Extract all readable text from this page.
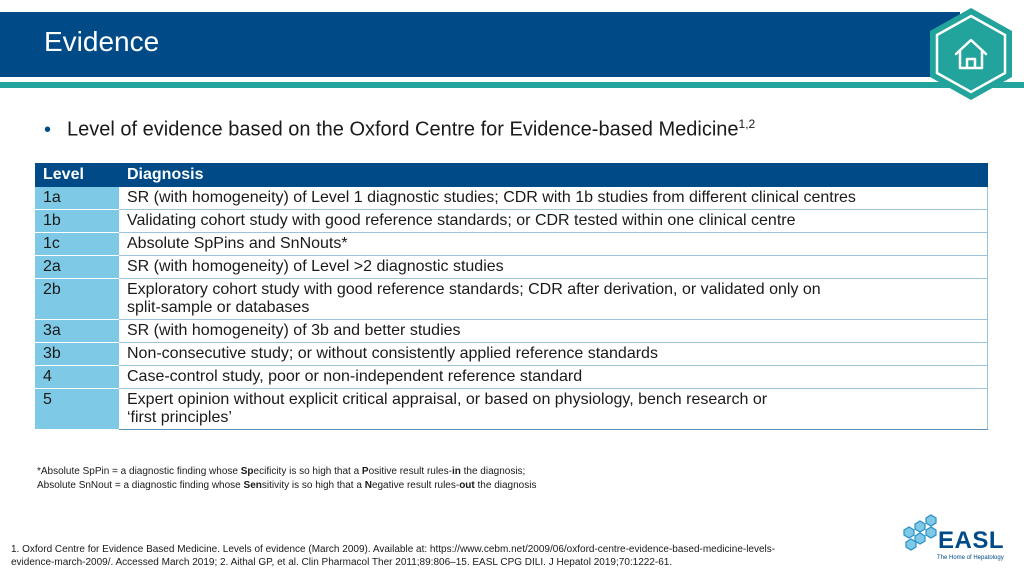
Evidence
• Level of evidence based on the Oxford Centre for Evidence-based Medicine$^{1,2}$
Level	Diagnosis
1a	SR (with homogeneity) of Level 1 diagnostic studies; CDR with 1b studies from different clinical centres
1b	Validating cohort study with good reference standards; or CDR tested within one clinical centre
1c	Absolute SpPins and SnNouts*
2a	SR (with homogeneity) of Level >2 diagnostic studies
2b	Exploratory cohort study with good reference standards; CDR after derivation, or validated only on
split-sample or databases
3a	SR (with homogeneity) of 3b and better studies
3b	Non-consecutive study; or without consistently applied reference standards
4	Case-control study, poor or non-independent reference standard
5	Expert opinion without explicit critical appraisal, or based on physiology, bench research or
‘first principles’
*Absolute SpPin = a diagnostic finding whose Specificity is so high that a Positive result rules-in the diagnosis;
Absolute SnNout = a diagnostic finding whose Sensitivity is so high that a Negative result rules-out the diagnosis
1. Oxford Centre for Evidence Based Medicine. Levels of evidence (March 2009). Available at: https://www.cebm.net/2009/06/oxford-centre-evidence-based-medicine-levels-
evidence-march-2009/. Accessed March 2019; 2. Aithal GP, et al. Clin Pharmacol Ther 2011;89:806–15. EASL CPG DILI. J Hepatol 2019;70:1222-61.
EASL
The Home of Hepatology
